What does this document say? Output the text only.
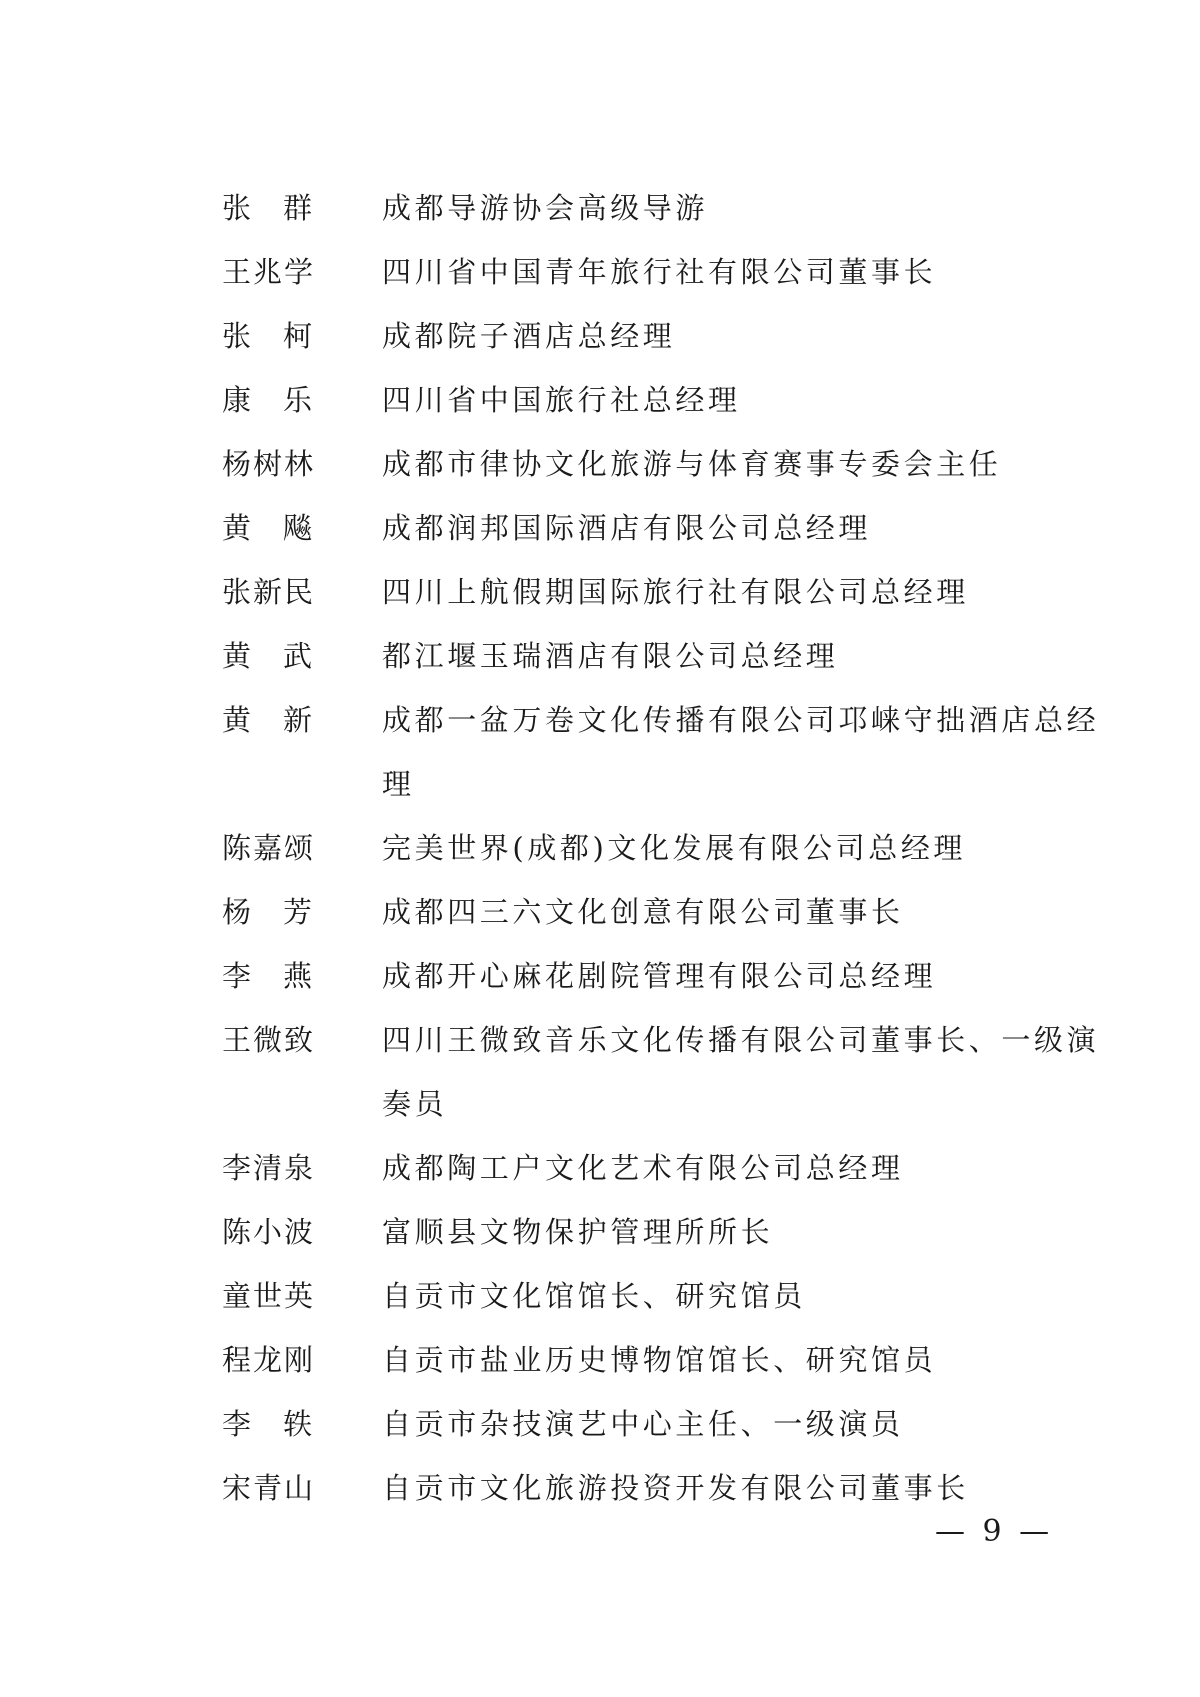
张 群 成都导游协会高级导游
王兆学	四川省中国青年旅行社有限公司董事长
张 柯 成都院子酒店总经理
康 乐 四川省中国旅行社总经理
杨树林	成都市律协文化旅游与体育赛事专委会主任
黄 飚 成都润邦国际酒店有限公司总经理
张新民	四川上航假期国际旅行社有限公司总经理
黄 武 都江堰玉瑞酒店有限公司总经理
黄 新 成都一盆万卷文化传播有限公司邛崃守拙酒店总经理
陈嘉颂	完美世界(成都)文化发展有限公司总经理
杨 芳 成都四三六文化创意有限公司董事长
李 燕 成都开心麻花剧院管理有限公司总经理
王微致	四川王微致音乐文化传播有限公司董事长、一级演奏员
李清泉	成都陶工户文化艺术有限公司总经理
陈小波	富顺县文物保护管理所所长
童世英	自贡市文化馆馆长、研究馆员
程龙刚	自贡市盐业历史博物馆馆长、研究馆员
李 轶 自贡市杂技演艺中心主任、一级演员
宋青山	自贡市文化旅游投资开发有限公司董事长
— 9 —
